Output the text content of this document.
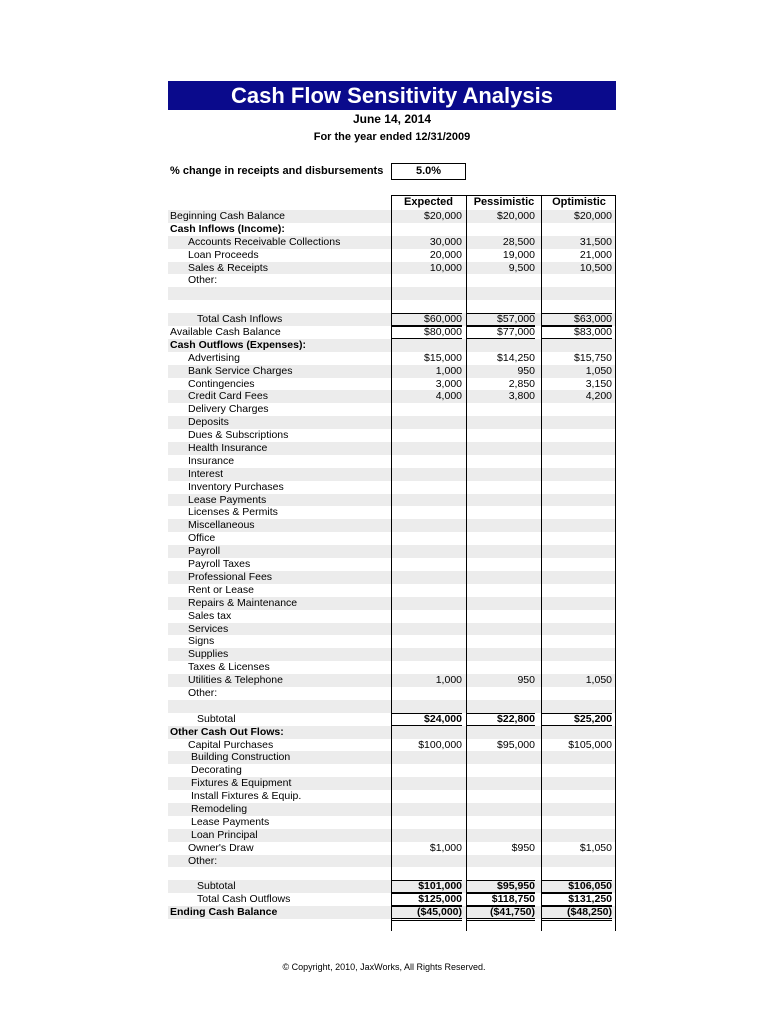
Cash Flow Sensitivity Analysis
June 14, 2014
For the year ended 12/31/2009
% change in receipts and disbursements	5.0%
Expected	Pessimistic	Optimistic
Beginning Cash Balance	$20,000	$20,000	$20,000
Cash Inflows (Income):
Accounts Receivable Collections	30,000	28,500	31,500
Loan Proceeds	20,000	19,000	21,000
Sales & Receipts	10,000	9,500	10,500
Other:
Total Cash Inflows	$60,000	$57,000	$63,000
Available Cash Balance	$80,000	$77,000	$83,000
Cash Outflows (Expenses):
Advertising	$15,000	$14,250	$15,750
Bank Service Charges	1,000	950	1,050
Contingencies	3,000	2,850	3,150
Credit Card Fees	4,000	3,800	4,200
Delivery Charges
Deposits
Dues & Subscriptions
Health Insurance
Insurance
Interest
Inventory Purchases
Lease Payments
Licenses & Permits
Miscellaneous
Office
Payroll
Payroll Taxes
Professional Fees
Rent or Lease
Repairs & Maintenance
Sales tax
Services
Signs
Supplies
Taxes & Licenses
Utilities & Telephone	1,000	950	1,050
Other:
Subtotal	$24,000	$22,800	$25,200
Other Cash Out Flows:
Capital Purchases	$100,000	$95,000	$105,000
Building Construction
Decorating
Fixtures & Equipment
Install Fixtures & Equip.
Remodeling
Lease Payments
Loan Principal
Owner's Draw	$1,000	$950	$1,050
Other:
Subtotal	$101,000	$95,950	$106,050
Total Cash Outflows	$125,000	$118,750	$131,250
Ending Cash Balance	($45,000)	($41,750)	($48,250)
© Copyright, 2010, JaxWorks, All Rights Reserved.
